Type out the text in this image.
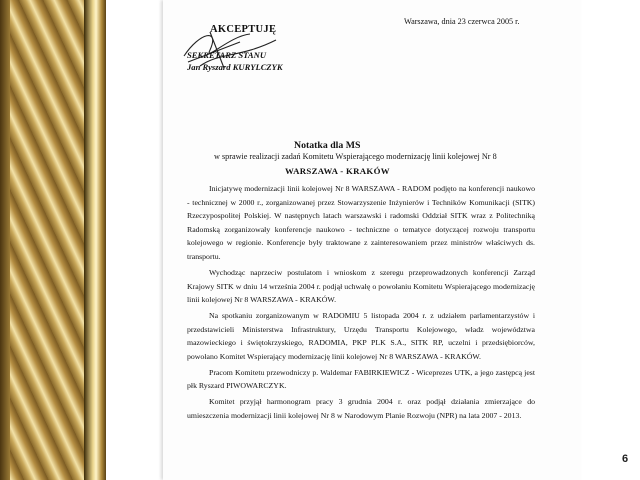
AKCEPTUJĘ
SEKRETARZ STANU
Jan Ryszard KURYLCZYK
Warszawa, dnia 23 czerwca 2005 r.
Notatka dla MS
w sprawie realizacji zadań Komitetu Wspierającego modernizację linii kolejowej Nr 8
WARSZAWA - KRAKÓW

Inicjatywę modernizacji linii kolejowej Nr 8 WARSZAWA - RADOM podjęto na konferencji naukowo - technicznej w 2000 r., zorganizowanej przez Stowarzyszenie Inżynierów i Techników Komunikacji (SITK) Rzeczypospolitej Polskiej. W następnych latach warszawski i radomski Oddział SITK wraz z Politechniką Radomską zorganizowały konferencje naukowo - techniczne o tematyce dotyczącej rozwoju transportu kolejowego w regionie. Konferencje były traktowane z zainteresowaniem przez ministrów właściwych ds. transportu.

Wychodząc naprzeciw postulatom i wnioskom z szeregu przeprowadzonych konferencji Zarząd Krajowy SITK w dniu 14 września 2004 r. podjął uchwałę o powołaniu Komitetu Wspierającego modernizację linii kolejowej Nr 8 WARSZAWA - KRAKÓW.

Na spotkaniu zorganizowanym w RADOMIU 5 listopada 2004 r. z udziałem parlamentarzystów i przedstawicieli Ministerstwa Infrastruktury, Urzędu Transportu Kolejowego, władz województwa mazowieckiego i świętokrzyskiego, RADOMIA, PKP PLK S.A., SITK RP, uczelni i przedsiębiorców, powołano Komitet Wspierający modernizację linii kolejowej Nr 8 WARSZAWA - KRAKÓW.

Pracom Komitetu przewodniczy p. Waldemar FABIRKIEWICZ - Wiceprezes UTK, a jego zastępcą jest płk Ryszard PIWOWARCZYK.

Komitet przyjął harmonogram pracy 3 grudnia 2004 r. oraz podjął działania zmierzające do umieszczenia modernizacji linii kolejowej Nr 8 w Narodowym Planie Rozwoju (NPR) na lata 2007 - 2013.

6
